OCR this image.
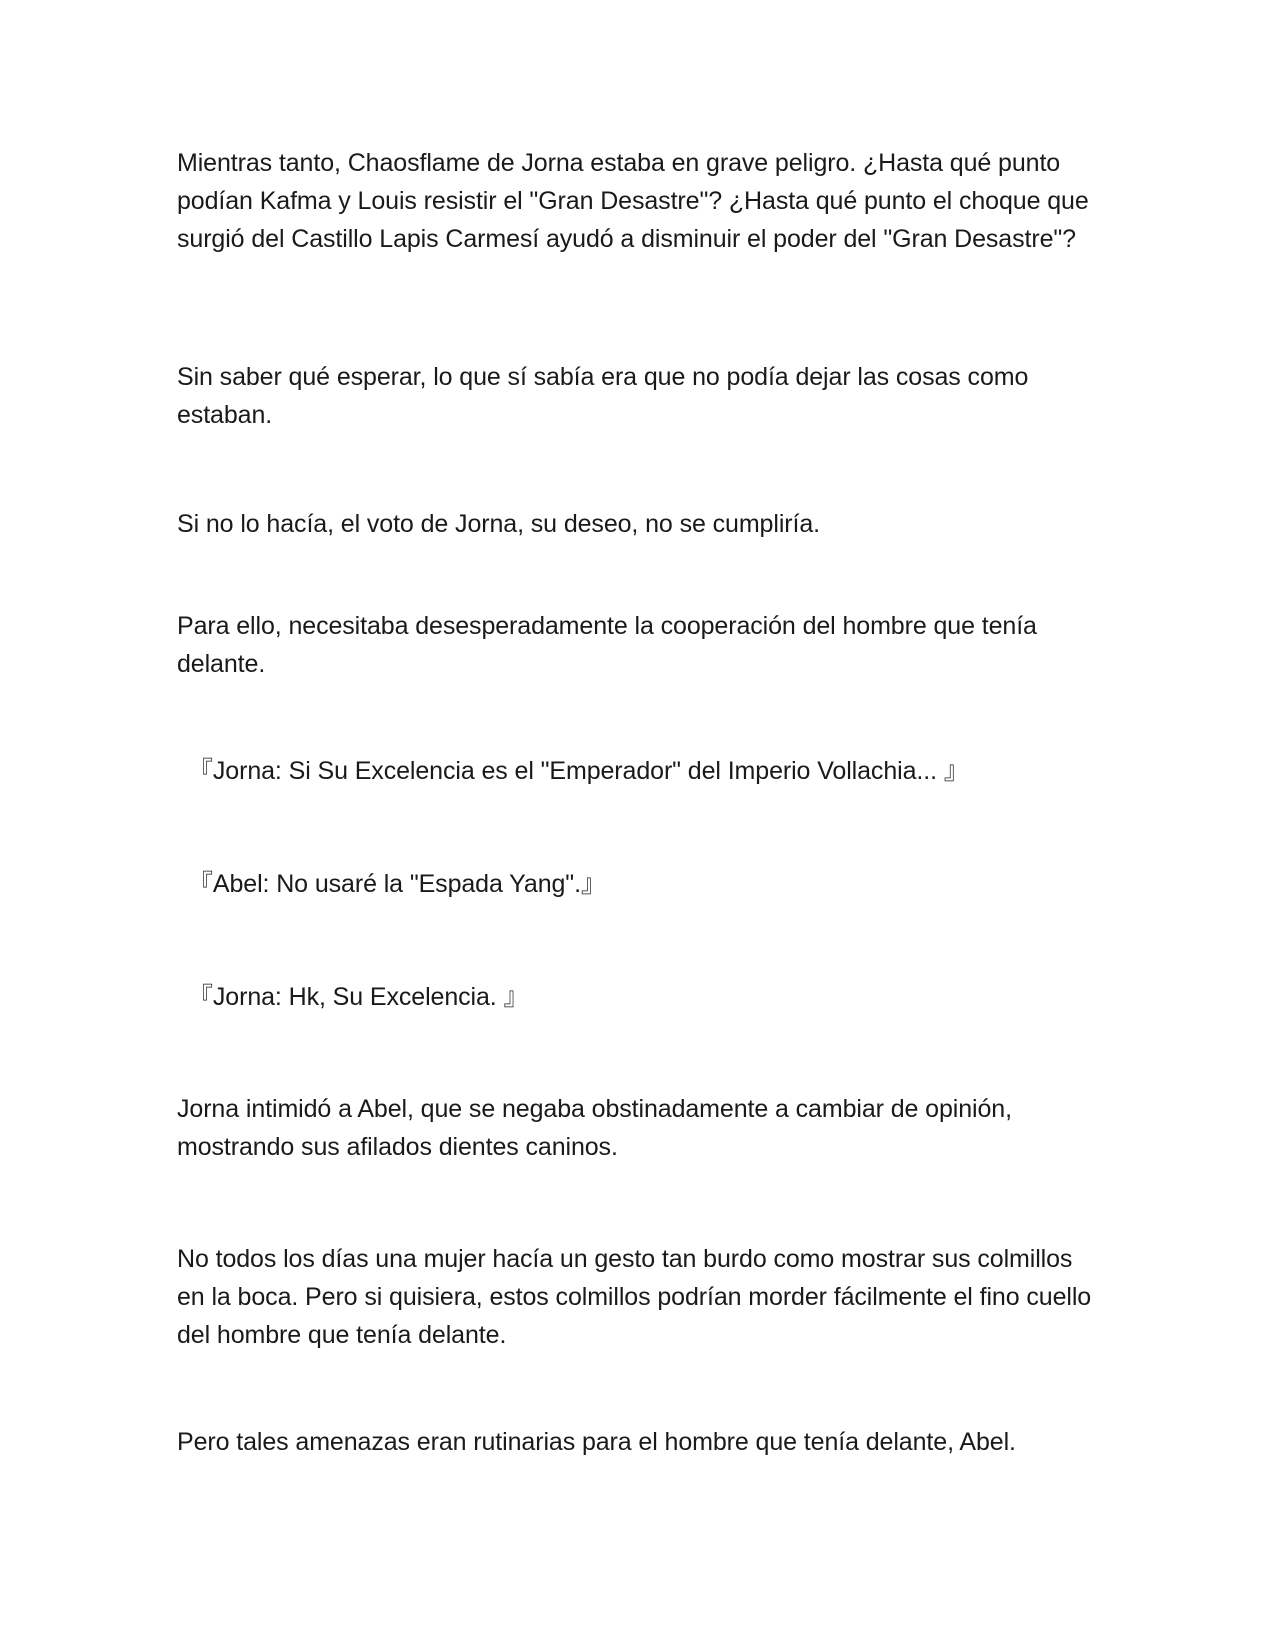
Mientras tanto, Chaosflame de Jorna estaba en grave peligro. ¿Hasta qué punto podían Kafma y Louis resistir el "Gran Desastre"? ¿Hasta qué punto el choque que surgió del Castillo Lapis Carmesí ayudó a disminuir el poder del "Gran Desastre"?

Sin saber qué esperar, lo que sí sabía era que no podía dejar las cosas como estaban.

Si no lo hacía, el voto de Jorna, su deseo, no se cumpliría.

Para ello, necesitaba desesperadamente la cooperación del hombre que tenía delante.

『Jorna: Si Su Excelencia es el "Emperador" del Imperio Vollachia... 』

『Abel: No usaré la "Espada Yang".』

『Jorna: Hk, Su Excelencia. 』

Jorna intimidó a Abel, que se negaba obstinadamente a cambiar de opinión, mostrando sus afilados dientes caninos.

No todos los días una mujer hacía un gesto tan burdo como mostrar sus colmillos en la boca. Pero si quisiera, estos colmillos podrían morder fácilmente el fino cuello del hombre que tenía delante.

Pero tales amenazas eran rutinarias para el hombre que tenía delante, Abel.
